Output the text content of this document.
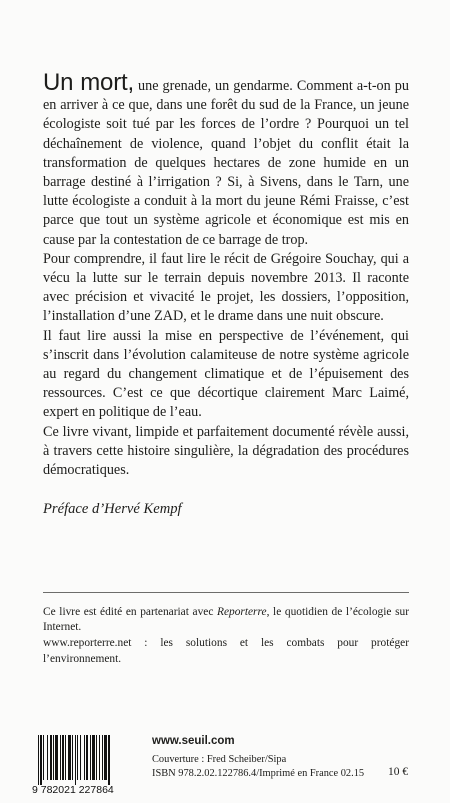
Un mort, une grenade, un gendarme. Comment a-t-on pu en arriver à ce que, dans une forêt du sud de la France, un jeune écologiste soit tué par les forces de l’ordre ? Pourquoi un tel déchaînement de violence, quand l’objet du conflit était la transformation de quelques hectares de zone humide en un barrage destiné à l’irrigation ? Si, à Sivens, dans le Tarn, une lutte écologiste a conduit à la mort du jeune Rémi Fraisse, c’est parce que tout un système agricole et économique est mis en cause par la contestation de ce barrage de trop.

Pour comprendre, il faut lire le récit de Grégoire Souchay, qui a vécu la lutte sur le terrain depuis novembre 2013. Il raconte avec précision et vivacité le projet, les dossiers, l’opposition, l’installation d’une ZAD, et le drame dans une nuit obscure.

Il faut lire aussi la mise en perspective de l’événement, qui s’inscrit dans l’évolution calamiteuse de notre système agricole au regard du changement climatique et de l’épuisement des ressources. C’est ce que décortique clairement Marc Laimé, expert en politique de l’eau.

Ce livre vivant, limpide et parfaitement documenté révèle aussi, à travers cette histoire singulière, la dégradation des procédures démocratiques.

Préface d’Hervé Kempf

Ce livre est édité en partenariat avec Reporterre, le quotidien de l’écologie sur Internet.

www.reporterre.net : les solutions et les combats pour protéger l’environnement.

9 782021 227864
www.seuil.com
Couverture : Fred Scheiber/Sipa
ISBN 978.2.02.122786.4/Imprimé en France 02.15 10 €
